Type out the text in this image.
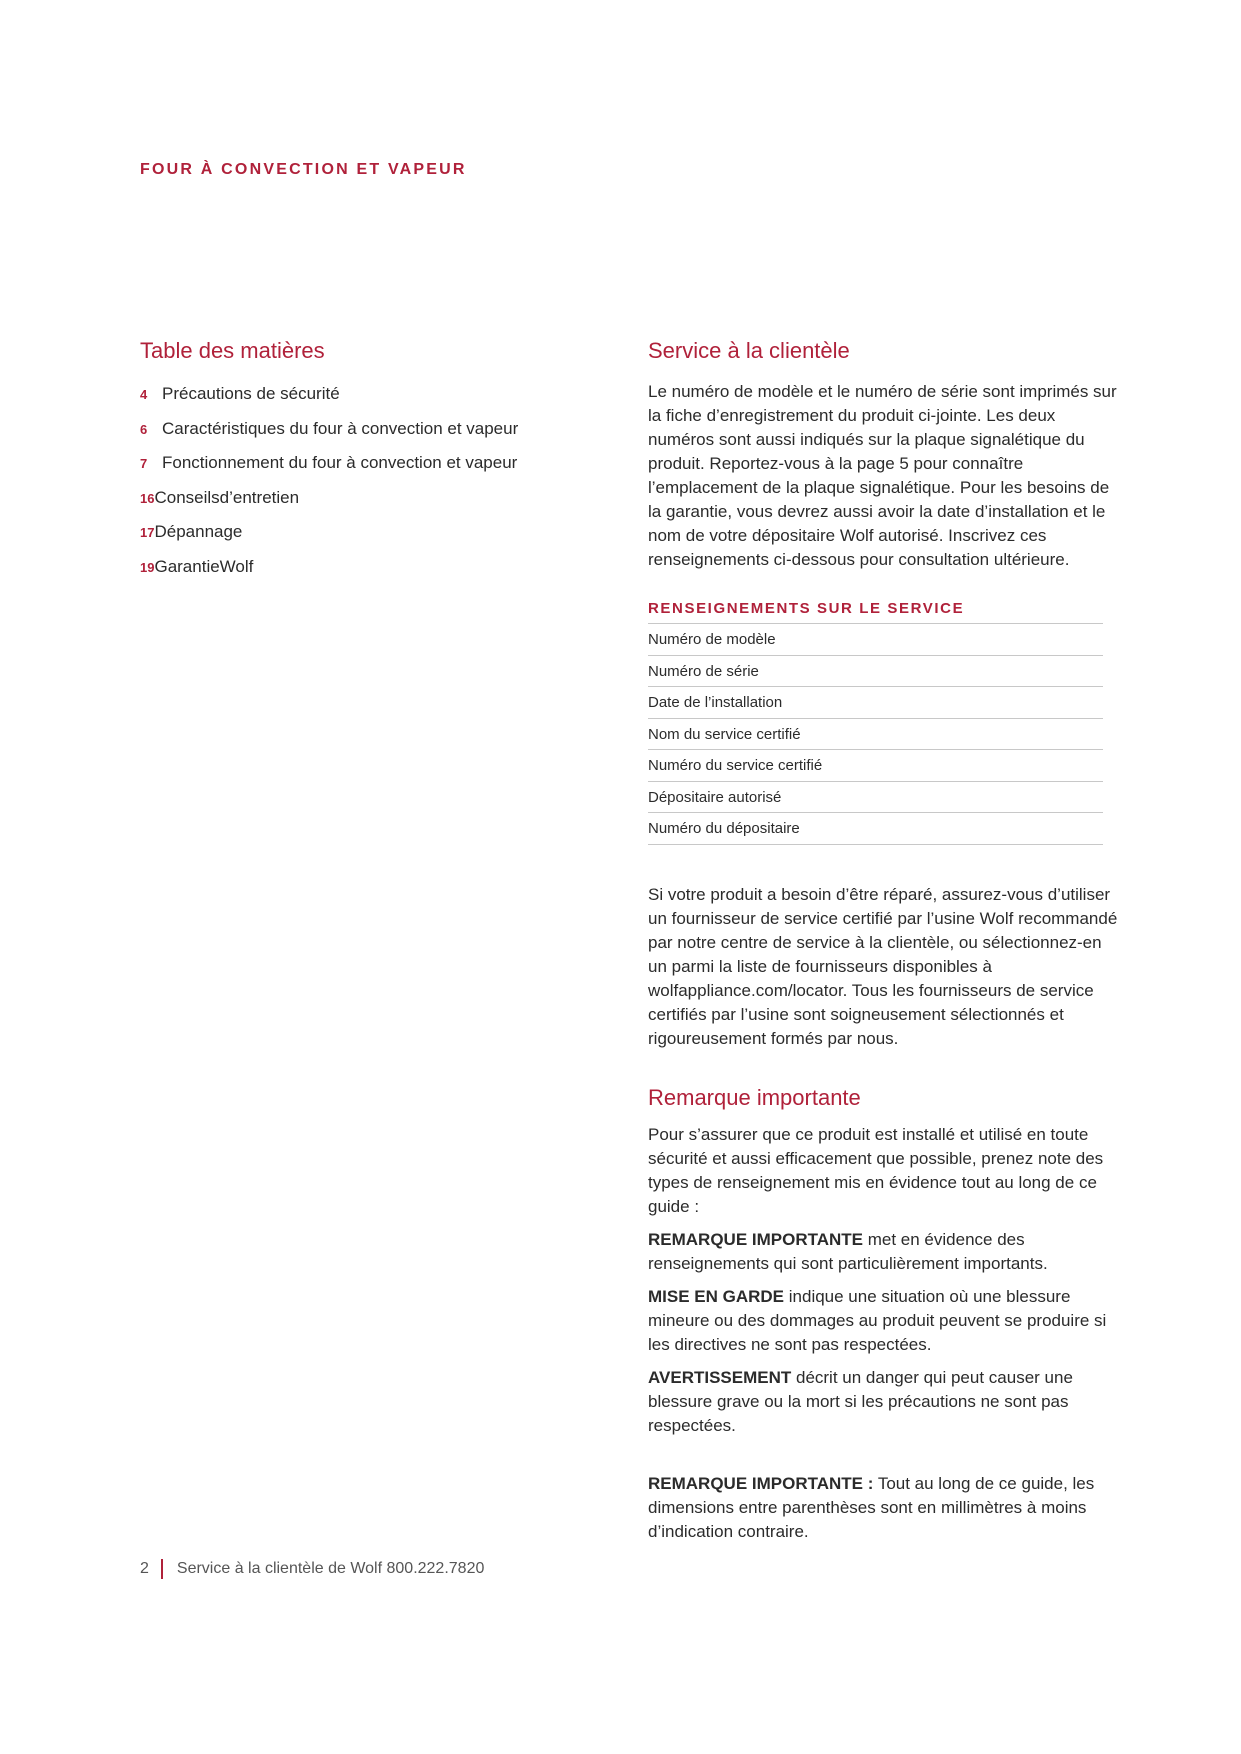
FOUR À CONVECTION ET VAPEUR
Table des matières
4 Précautions de sécurité
6 Caractéristiques du four à convection et vapeur
7 Fonctionnement du four à convection et vapeur
16 Conseilsd’entretien
17 Dépannage
19 GarantieWolf
Service à la clientèle

Le numéro de modèle et le numéro de série sont imprimés sur la fiche d’enregistrement du produit ci-jointe. Les deux numéros sont aussi indiqués sur la plaque signalétique du produit. Reportez-vous à la page 5 pour connaître l’emplacement de la plaque signalétique. Pour les besoins de la garantie, vous devrez aussi avoir la date d’installation et le nom de votre dépositaire Wolf autorisé. Inscrivez ces renseignements ci-dessous pour consultation ultérieure.

RENSEIGNEMENTS SUR LE SERVICE
Numéro de modèle
Numéro de série
Date de l’installation
Nom du service certifié
Numéro du service certifié
Dépositaire autorisé
Numéro du dépositaire

Si votre produit a besoin d’être réparé, assurez-vous d’utiliser un fournisseur de service certifié par l’usine Wolf recommandé par notre centre de service à la clientèle, ou sélectionnez-en un parmi la liste de fournisseurs disponibles à wolfappliance.com/locator. Tous les fournisseurs de service certifiés par l’usine sont soigneusement sélectionnés et rigoureusement formés par nous.

Remarque importante

Pour s’assurer que ce produit est installé et utilisé en toute sécurité et aussi efficacement que possible, prenez note des types de renseignement mis en évidence tout au long de ce guide :

REMARQUE IMPORTANTE met en évidence des renseignements qui sont particulièrement importants.

MISE EN GARDE indique une situation où une blessure mineure ou des dommages au produit peuvent se produire si les directives ne sont pas respectées.

AVERTISSEMENT décrit un danger qui peut causer une blessure grave ou la mort si les précautions ne sont pas respectées.

REMARQUE IMPORTANTE : Tout au long de ce guide, les dimensions entre parenthèses sont en millimètres à moins d’indication contraire.

2 Service à la clientèle de Wolf 800.222.7820
